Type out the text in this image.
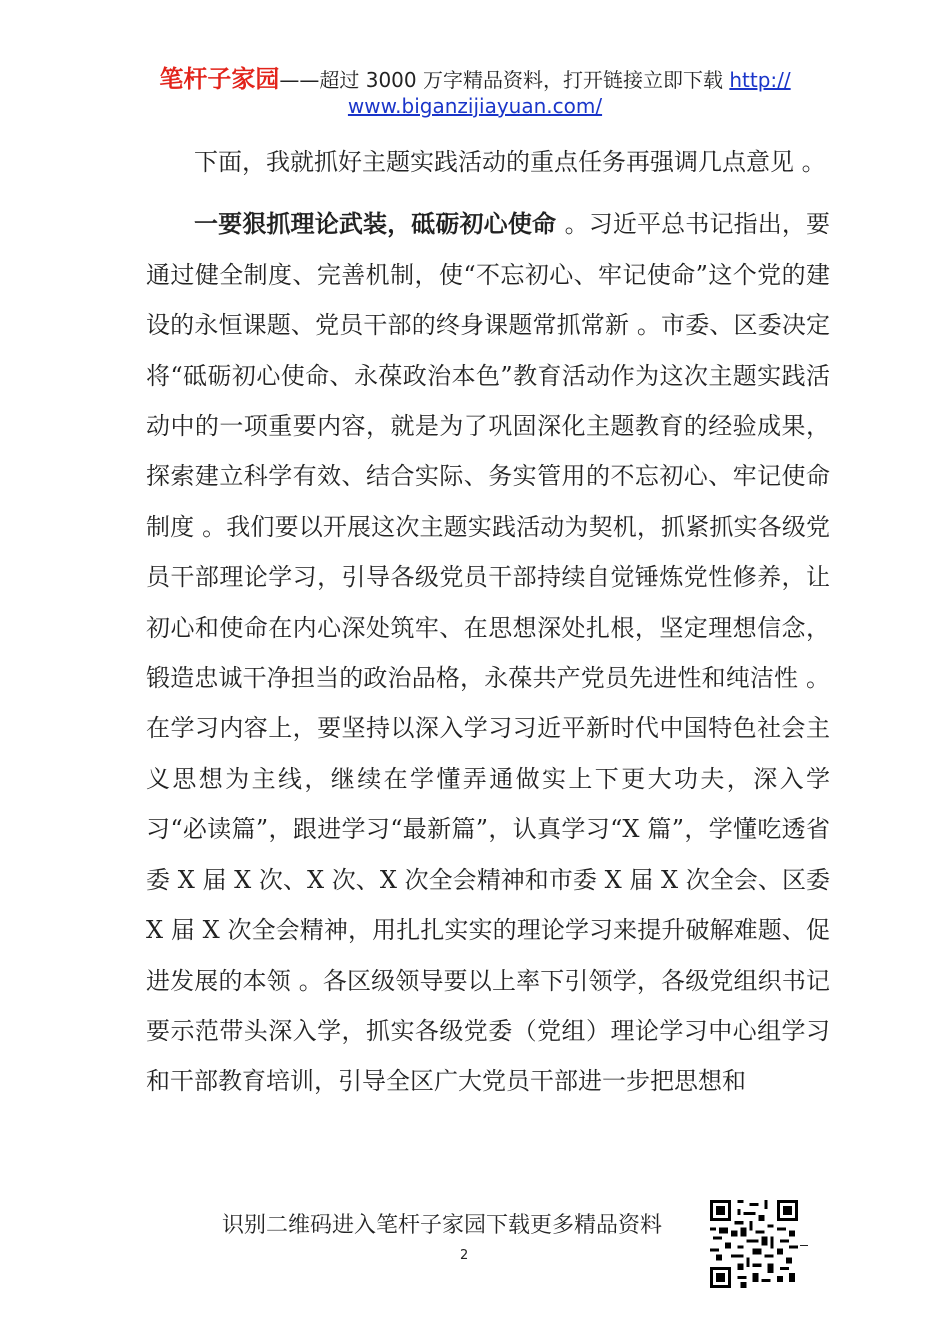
笔杆子家园——超过 3000 万字精品资料，打开链接立即下载 http://
www.biganzijiayuan.com/

下面，我就抓好主题实践活动的重点任务再强调几点意见 。

一要狠抓理论武装，砥砺初心使命 。习近平总书记指出，要通过健全制度、完善机制，使“不忘初心、牢记使命”这个党的建设的永恒课题、党员干部的终身课题常抓常新 。市委、区委决定将“砥砺初心使命、永葆政治本色”教育活动作为这次主题实践活动中的一项重要内容，就是为了巩固深化主题教育的经验成果，探索建立科学有效、结合实际、务实管用的不忘初心、牢记使命制度 。我们要以开展这次主题实践活动为契机，抓紧抓实各级党员干部理论学习，引导各级党员干部持续自觉锤炼党性修养，让初心和使命在内心深处筑牢、在思想深处扎根，坚定理想信念，锻造忠诚干净担当的政治品格，永葆共产党员先进性和纯洁性 。在学习内容上，要坚持以深入学习习近平新时代中国特色社会主义思想为主线，继续在学懂弄通做实上下更大功夫，深入学习“必读篇”，跟进学习“最新篇”，认真学习“X 篇”，学懂吃透省委 X 届 X 次、X 次、X 次全会精神和市委 X 届 X 次全会、区委 X 届 X 次全会精神，用扎扎实实的理论学习来提升破解难题、促进发展的本领 。各区级领导要以上率下引领学，各级党组织书记要示范带头深入学，抓实各级党委（党组）理论学习中心组学习和干部教育培训，引导全区广大党员干部进一步把思想和

识别二维码进入笔杆子家园下载更多精品资料
2
